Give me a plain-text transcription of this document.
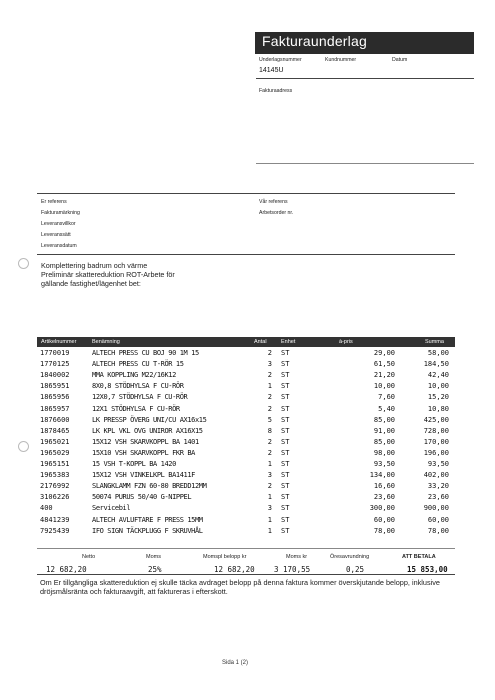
Fakturaunderlag
Underlagsnummer	Kundnummer	Datum
14145U
Fakturaadress
Er referens
Fakturamärkning
Leveransvillkor
Leveranssätt
Leveransdatum
Vår referens
Arbetsorder nr.
Komplettering badrum och värme
Preliminär skattereduktion ROT-Arbete för
gällande fastighet/lägenhet bet:
Artikelnummer	Benämning	Antal	Enhet	à-pris	Summa
1770019	ALTECH PRESS CU BOJ 90 1M 15	2 ST	29,00	58,00
1770125	ALTECH PRESS CU T-RÖR 15	3 ST	61,50	184,50
1840002	MMA KOPPLING M22/16K12	2 ST	21,20	42,40
1865951	8X0,8 STÖDHYLSA F CU-RÖR	1 ST	10,00	10,00
1865956	12X0,7 STÖDHYLSA F CU-RÖR	2 ST	7,60	15,20
1865957	12X1 STÖDHYLSA F CU-RÖR	2 ST	5,40	10,80
1876600	LK PRESSP ÖVERG UNI/CU AX16x15	5 ST	85,00	425,00
1878465	LK KPL VKL OVG UNIROR AX16X15	8 ST	91,00	728,00
1965021	15X12 VSH SKARVKOPPL BA 1401	2 ST	85,00	170,00
1965029	15X10 VSH SKARVKOPPL FKR BA	2 ST	98,00	196,00
1965151	15 VSH T-KOPPL BA 1420	1 ST	93,50	93,50
1965383	15X12 VSH VINKELKPL BA1411F	3 ST	134,00	402,00
2176992	SLANGKLAMM FZN 60-80 BREDD12MM	2 ST	16,60	33,20
3106226	50074 PURUS 50/40 G-NIPPEL	1 ST	23,60	23,60
400	Servicebil	3 ST	300,00	900,00
4841239	ALTECH AVLUFTARE F PRESS 15MM	1 ST	60,00	60,00
7925439	IFO SIGN TÄCKPLUGG F SKRUVHÅL	1 ST	78,00	78,00
Netto	Moms	Momspl belopp kr	Moms kr	Öresavrundning	ATT BETALA
12 682,20	25%	12 682,20	3 170,55	0,25	15 853,00
Om Er tillgängliga skattereduktion ej skulle täcka avdraget belopp på denna faktura kommer överskjutande belopp, inklusive dröjsmålsränta och fakturaavgift, att faktureras i efterskott.
Sida 1 (2)
